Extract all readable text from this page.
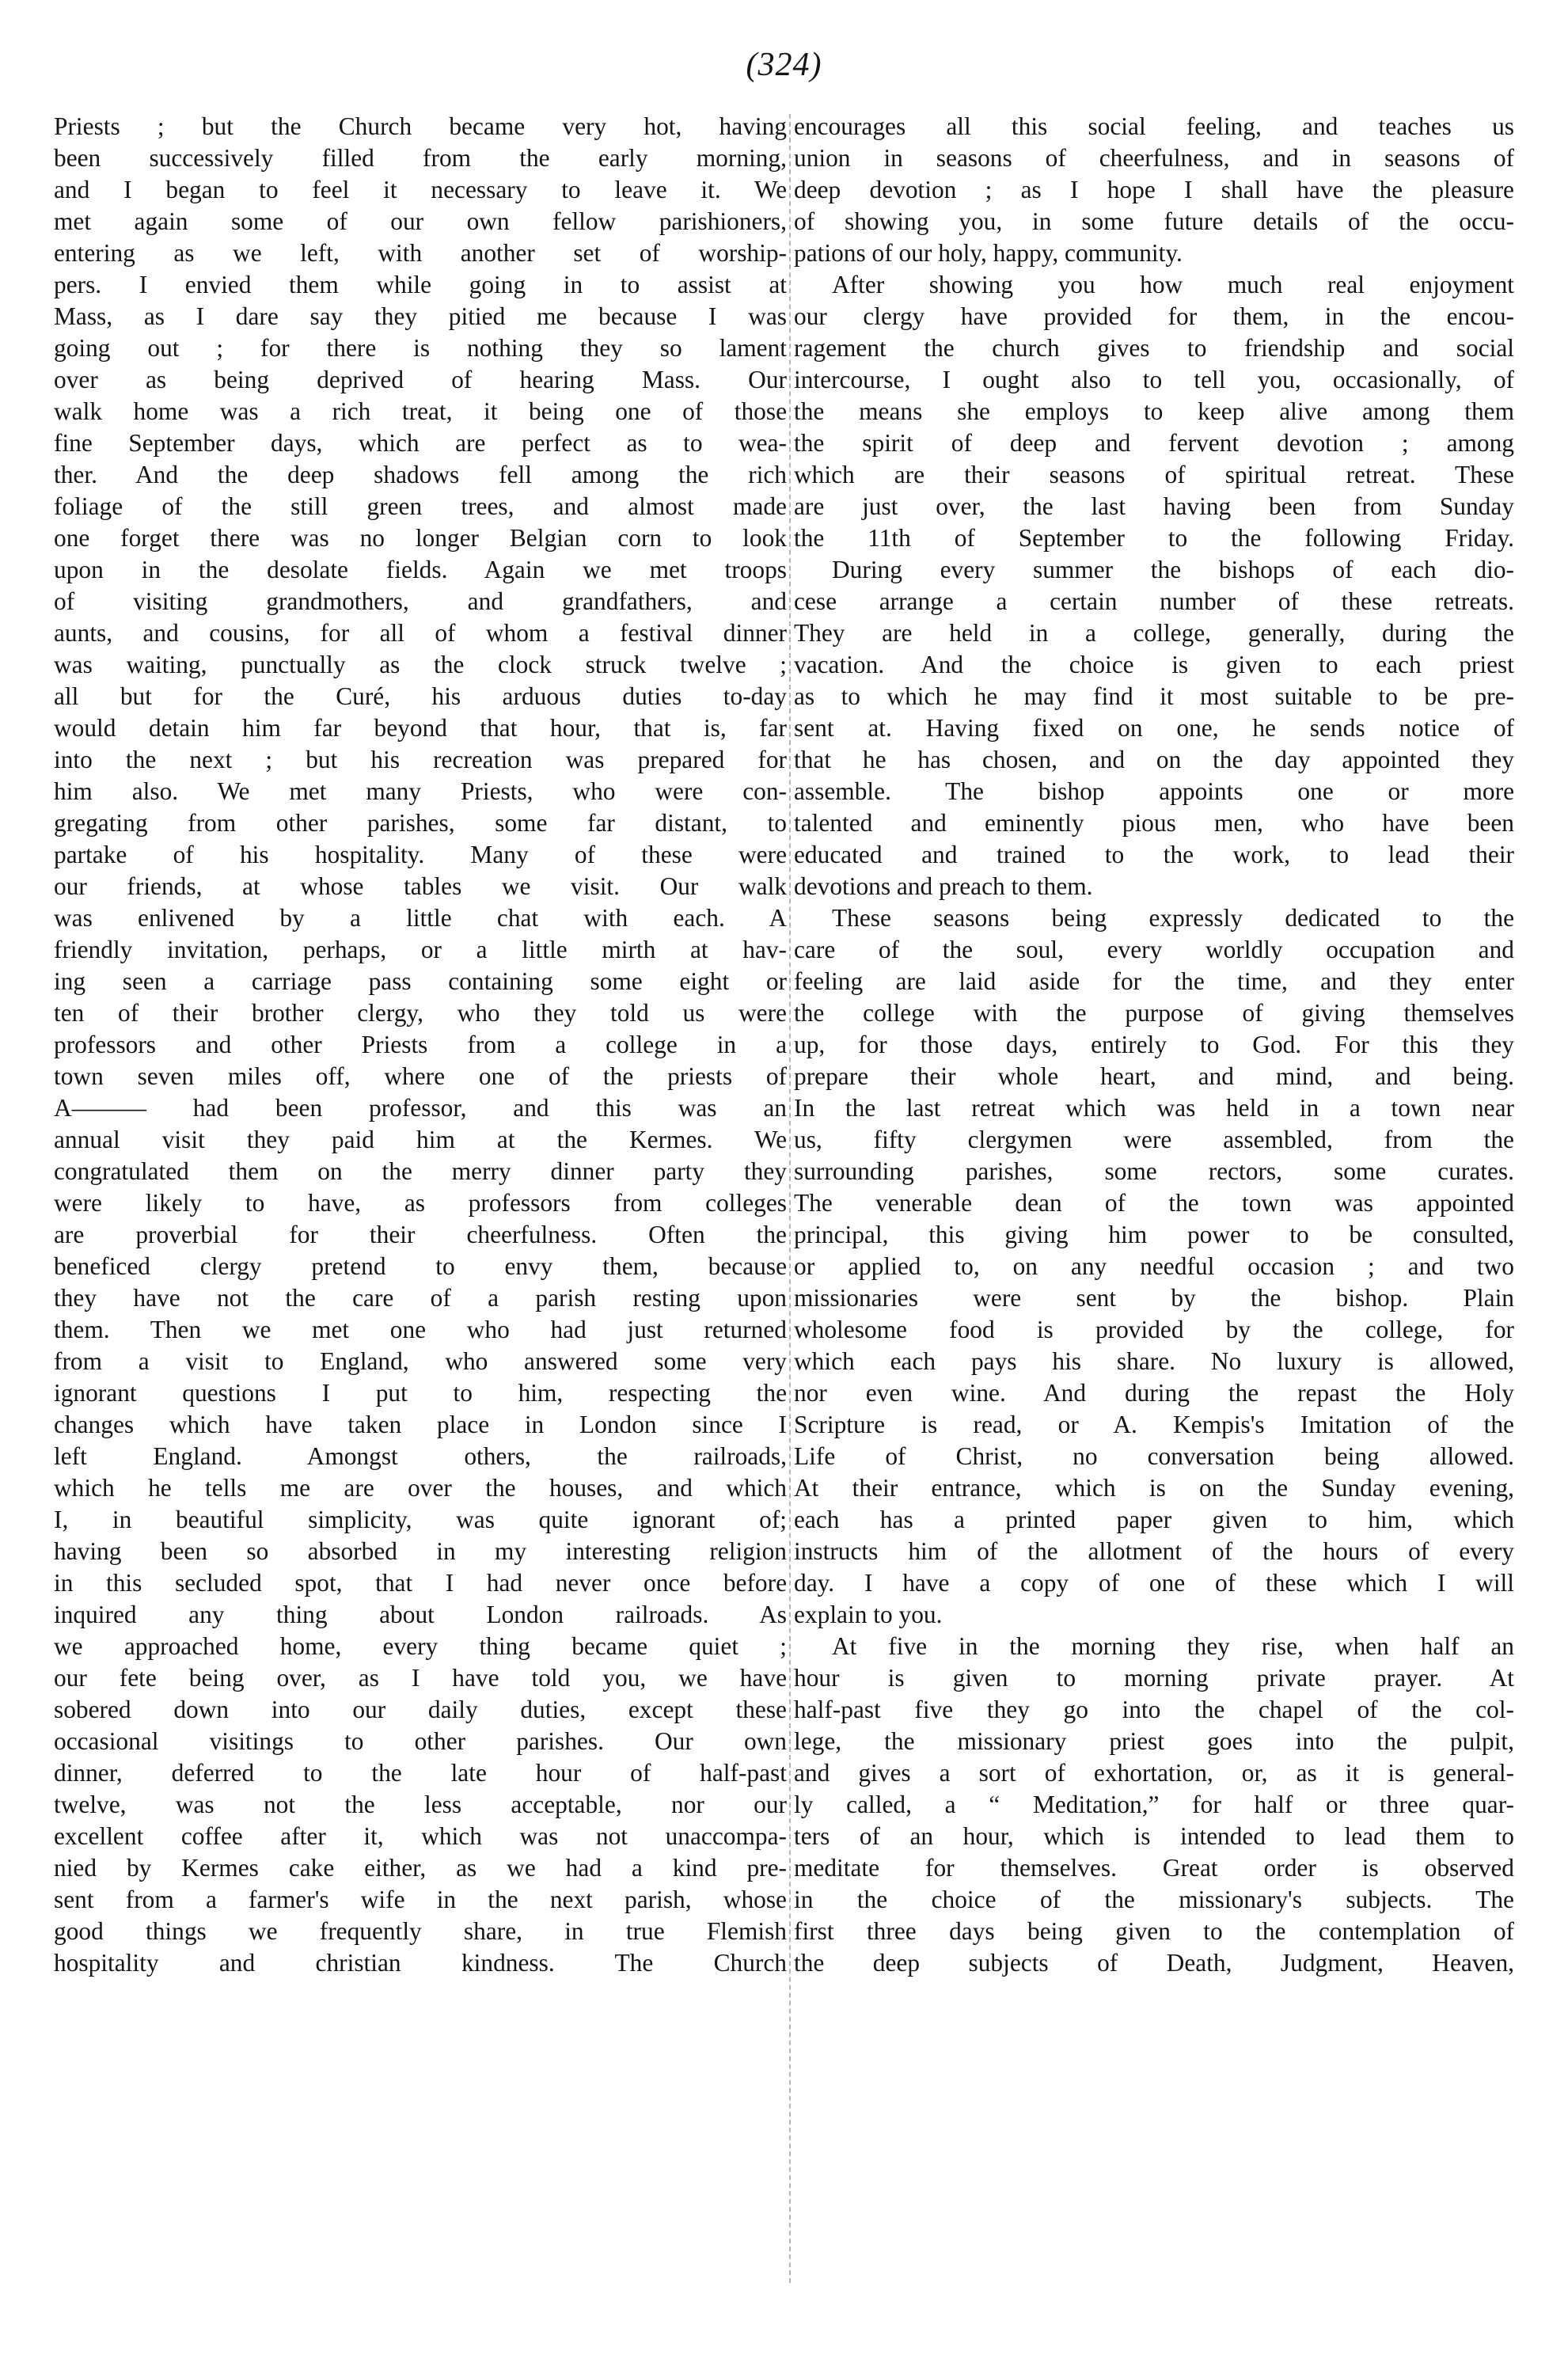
(324)
Priests ; but the Church became very hot, having
been successively filled from the early morning,
and I began to feel it necessary to leave it. We
met again some of our own fellow parishioners,
entering as we left, with another set of worship-
pers. I envied them while going in to assist at
Mass, as I dare say they pitied me because I was
going out ; for there is nothing they so lament
over as being deprived of hearing Mass. Our
walk home was a rich treat, it being one of those
fine September days, which are perfect as to wea-
ther. And the deep shadows fell among the rich
foliage of the still green trees, and almost made
one forget there was no longer Belgian corn to look
upon in the desolate fields. Again we met troops
of visiting grandmothers, and grandfathers, and
aunts, and cousins, for all of whom a festival dinner
was waiting, punctually as the clock struck twelve ;
all but for the Curé, his arduous duties to-day
would detain him far beyond that hour, that is, far
into the next ; but his recreation was prepared for
him also. We met many Priests, who were con-
gregating from other parishes, some far distant, to
partake of his hospitality. Many of these were
our friends, at whose tables we visit. Our walk
was enlivened by a little chat with each. A
friendly invitation, perhaps, or a little mirth at hav-
ing seen a carriage pass containing some eight or
ten of their brother clergy, who they told us were
professors and other Priests from a college in a
town seven miles off, where one of the priests of
A——— had been professor, and this was an
annual visit they paid him at the Kermes. We
congratulated them on the merry dinner party they
were likely to have, as professors from colleges
are proverbial for their cheerfulness. Often the
beneficed clergy pretend to envy them, because
they have not the care of a parish resting upon
them. Then we met one who had just returned
from a visit to England, who answered some very
ignorant questions I put to him, respecting the
changes which have taken place in London since I
left England. Amongst others, the railroads,
which he tells me are over the houses, and which
I, in beautiful simplicity, was quite ignorant of;
having been so absorbed in my interesting religion
in this secluded spot, that I had never once before
inquired any thing about London railroads. As
we approached home, every thing became quiet ;
our fete being over, as I have told you, we have
sobered down into our daily duties, except these
occasional visitings to other parishes. Our own
dinner, deferred to the late hour of half-past
twelve, was not the less acceptable, nor our
excellent coffee after it, which was not unaccompa-
nied by Kermes cake either, as we had a kind pre-
sent from a farmer's wife in the next parish, whose
good things we frequently share, in true Flemish
hospitality and christian kindness. The Church
encourages all this social feeling, and teaches us
union in seasons of cheerfulness, and in seasons of
deep devotion ; as I hope I shall have the pleasure
of showing you, in some future details of the occu-
pations of our holy, happy, community.
After showing you how much real enjoyment
our clergy have provided for them, in the encou-
ragement the church gives to friendship and social
intercourse, I ought also to tell you, occasionally, of
the means she employs to keep alive among them
the spirit of deep and fervent devotion ; among
which are their seasons of spiritual retreat. These
are just over, the last having been from Sunday
the 11th of September to the following Friday.
During every summer the bishops of each dio-
cese arrange a certain number of these retreats.
They are held in a college, generally, during the
vacation. And the choice is given to each priest
as to which he may find it most suitable to be pre-
sent at. Having fixed on one, he sends notice of
that he has chosen, and on the day appointed they
assemble. The bishop appoints one or more
talented and eminently pious men, who have been
educated and trained to the work, to lead their
devotions and preach to them.
These seasons being expressly dedicated to the
care of the soul, every worldly occupation and
feeling are laid aside for the time, and they enter
the college with the purpose of giving themselves
up, for those days, entirely to God. For this they
prepare their whole heart, and mind, and being.
In the last retreat which was held in a town near
us, fifty clergymen were assembled, from the
surrounding parishes, some rectors, some curates.
The venerable dean of the town was appointed
principal, this giving him power to be consulted,
or applied to, on any needful occasion ; and two
missionaries were sent by the bishop. Plain
wholesome food is provided by the college, for
which each pays his share. No luxury is allowed,
nor even wine. And during the repast the Holy
Scripture is read, or A. Kempis's Imitation of the
Life of Christ, no conversation being allowed.
At their entrance, which is on the Sunday evening,
each has a printed paper given to him, which
instructs him of the allotment of the hours of every
day. I have a copy of one of these which I will
explain to you.
At five in the morning they rise, when half an
hour is given to morning private prayer. At
half-past five they go into the chapel of the col-
lege, the missionary priest goes into the pulpit,
and gives a sort of exhortation, or, as it is general-
ly called, a “ Meditation,” for half or three quar-
ters of an hour, which is intended to lead them to
meditate for themselves. Great order is observed
in the choice of the missionary's subjects. The
first three days being given to the contemplation of
the deep subjects of Death, Judgment, Heaven,
